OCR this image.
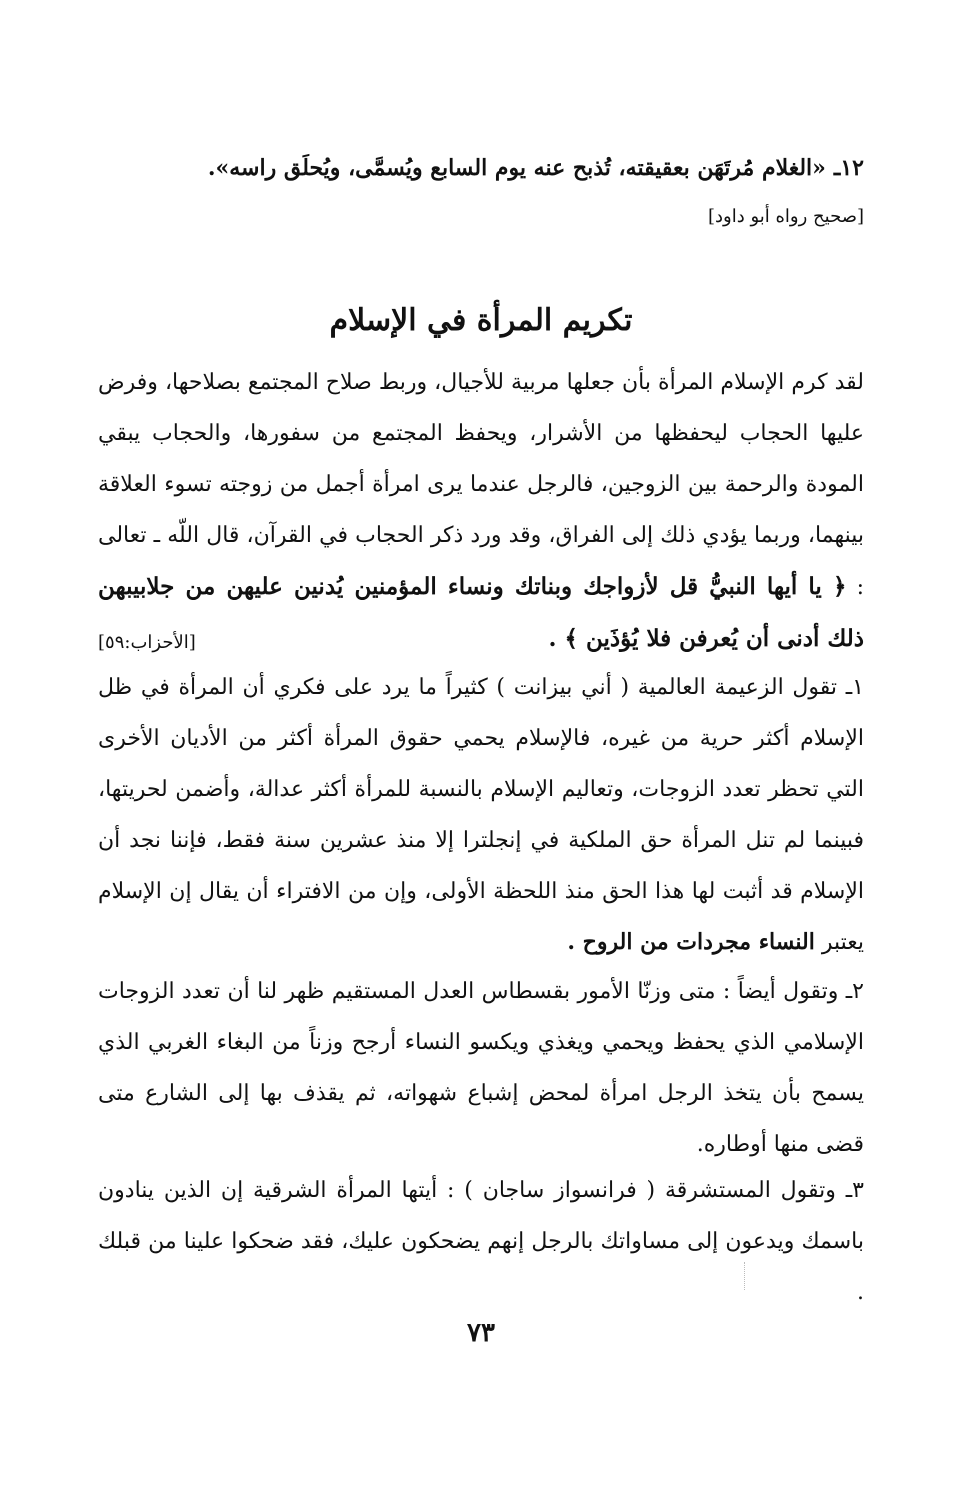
١٢ـ«الغلام مُرتَهَن بعقيقته، تُذبح عنه يوم السابع ويُسمَّى، ويُحلَق راسه».
[صحيح رواه أبو داود]
تكريم المرأة في الإسلام
لقد كرم الإسلام المرأة بأن جعلها مربية للأجيال، وربط صلاح المجتمع بصلاحها، وفرض عليها الحجاب ليحفظها من الأشرار، ويحفظ المجتمع من سفورها، والحجاب يبقي المودة والرحمة بين الزوجين، فالرجل عندما يرى امرأة أجمل من زوجته تسوء العلاقة بينهما، وربما يؤدي ذلك إلى الفراق، وقد ورد ذكر الحجاب في القرآن، قال اللّه ـ تعالى : ﴿ يا أيها النبيُّ قل لأزواجك وبناتك ونساء المؤمنين يُدنين عليهن من جلابيبهن ذلك أدنى أن يُعرفن فلا يُؤذَين ﴾ .
[الأحزاب:٥٩]
١ـ تقول الزعيمة العالمية ( أني بيزانت ) كثيراً ما يرد على فكري أن المرأة في ظل الإسلام أكثر حرية من غيره، فالإسلام يحمي حقوق المرأة أكثر من الأديان الأخرى التي تحظر تعدد الزوجات، وتعاليم الإسلام بالنسبة للمرأة أكثر عدالة، وأضمن لحريتها، فبينما لم تنل المرأة حق الملكية في إنجلترا إلا منذ عشرين سنة فقط، فإننا نجد أن الإسلام قد أثبت لها هذا الحق منذ اللحظة الأولى، وإن من الافتراء أن يقال إن الإسلام يعتبر النساء مجردات من الروح .
٢ـ وتقول أيضاً : متى وزنّا الأمور بقسطاس العدل المستقيم ظهر لنا أن تعدد الزوجات الإسلامي الذي يحفظ ويحمي ويغذي ويكسو النساء أرجح وزناً من البغاء الغربي الذي يسمح بأن يتخذ الرجل امرأة لمحض إشباع شهواته، ثم يقذف بها إلى الشارع متى قضى منها أوطاره.
٣ـ وتقول المستشرقة ( فرانسواز ساجان ) : أيتها المرأة الشرقية إن الذين ينادون باسمك ويدعون إلى مساواتك بالرجل إنهم يضحكون عليك، فقد ضحكوا علينا من قبلك .
٧٣
